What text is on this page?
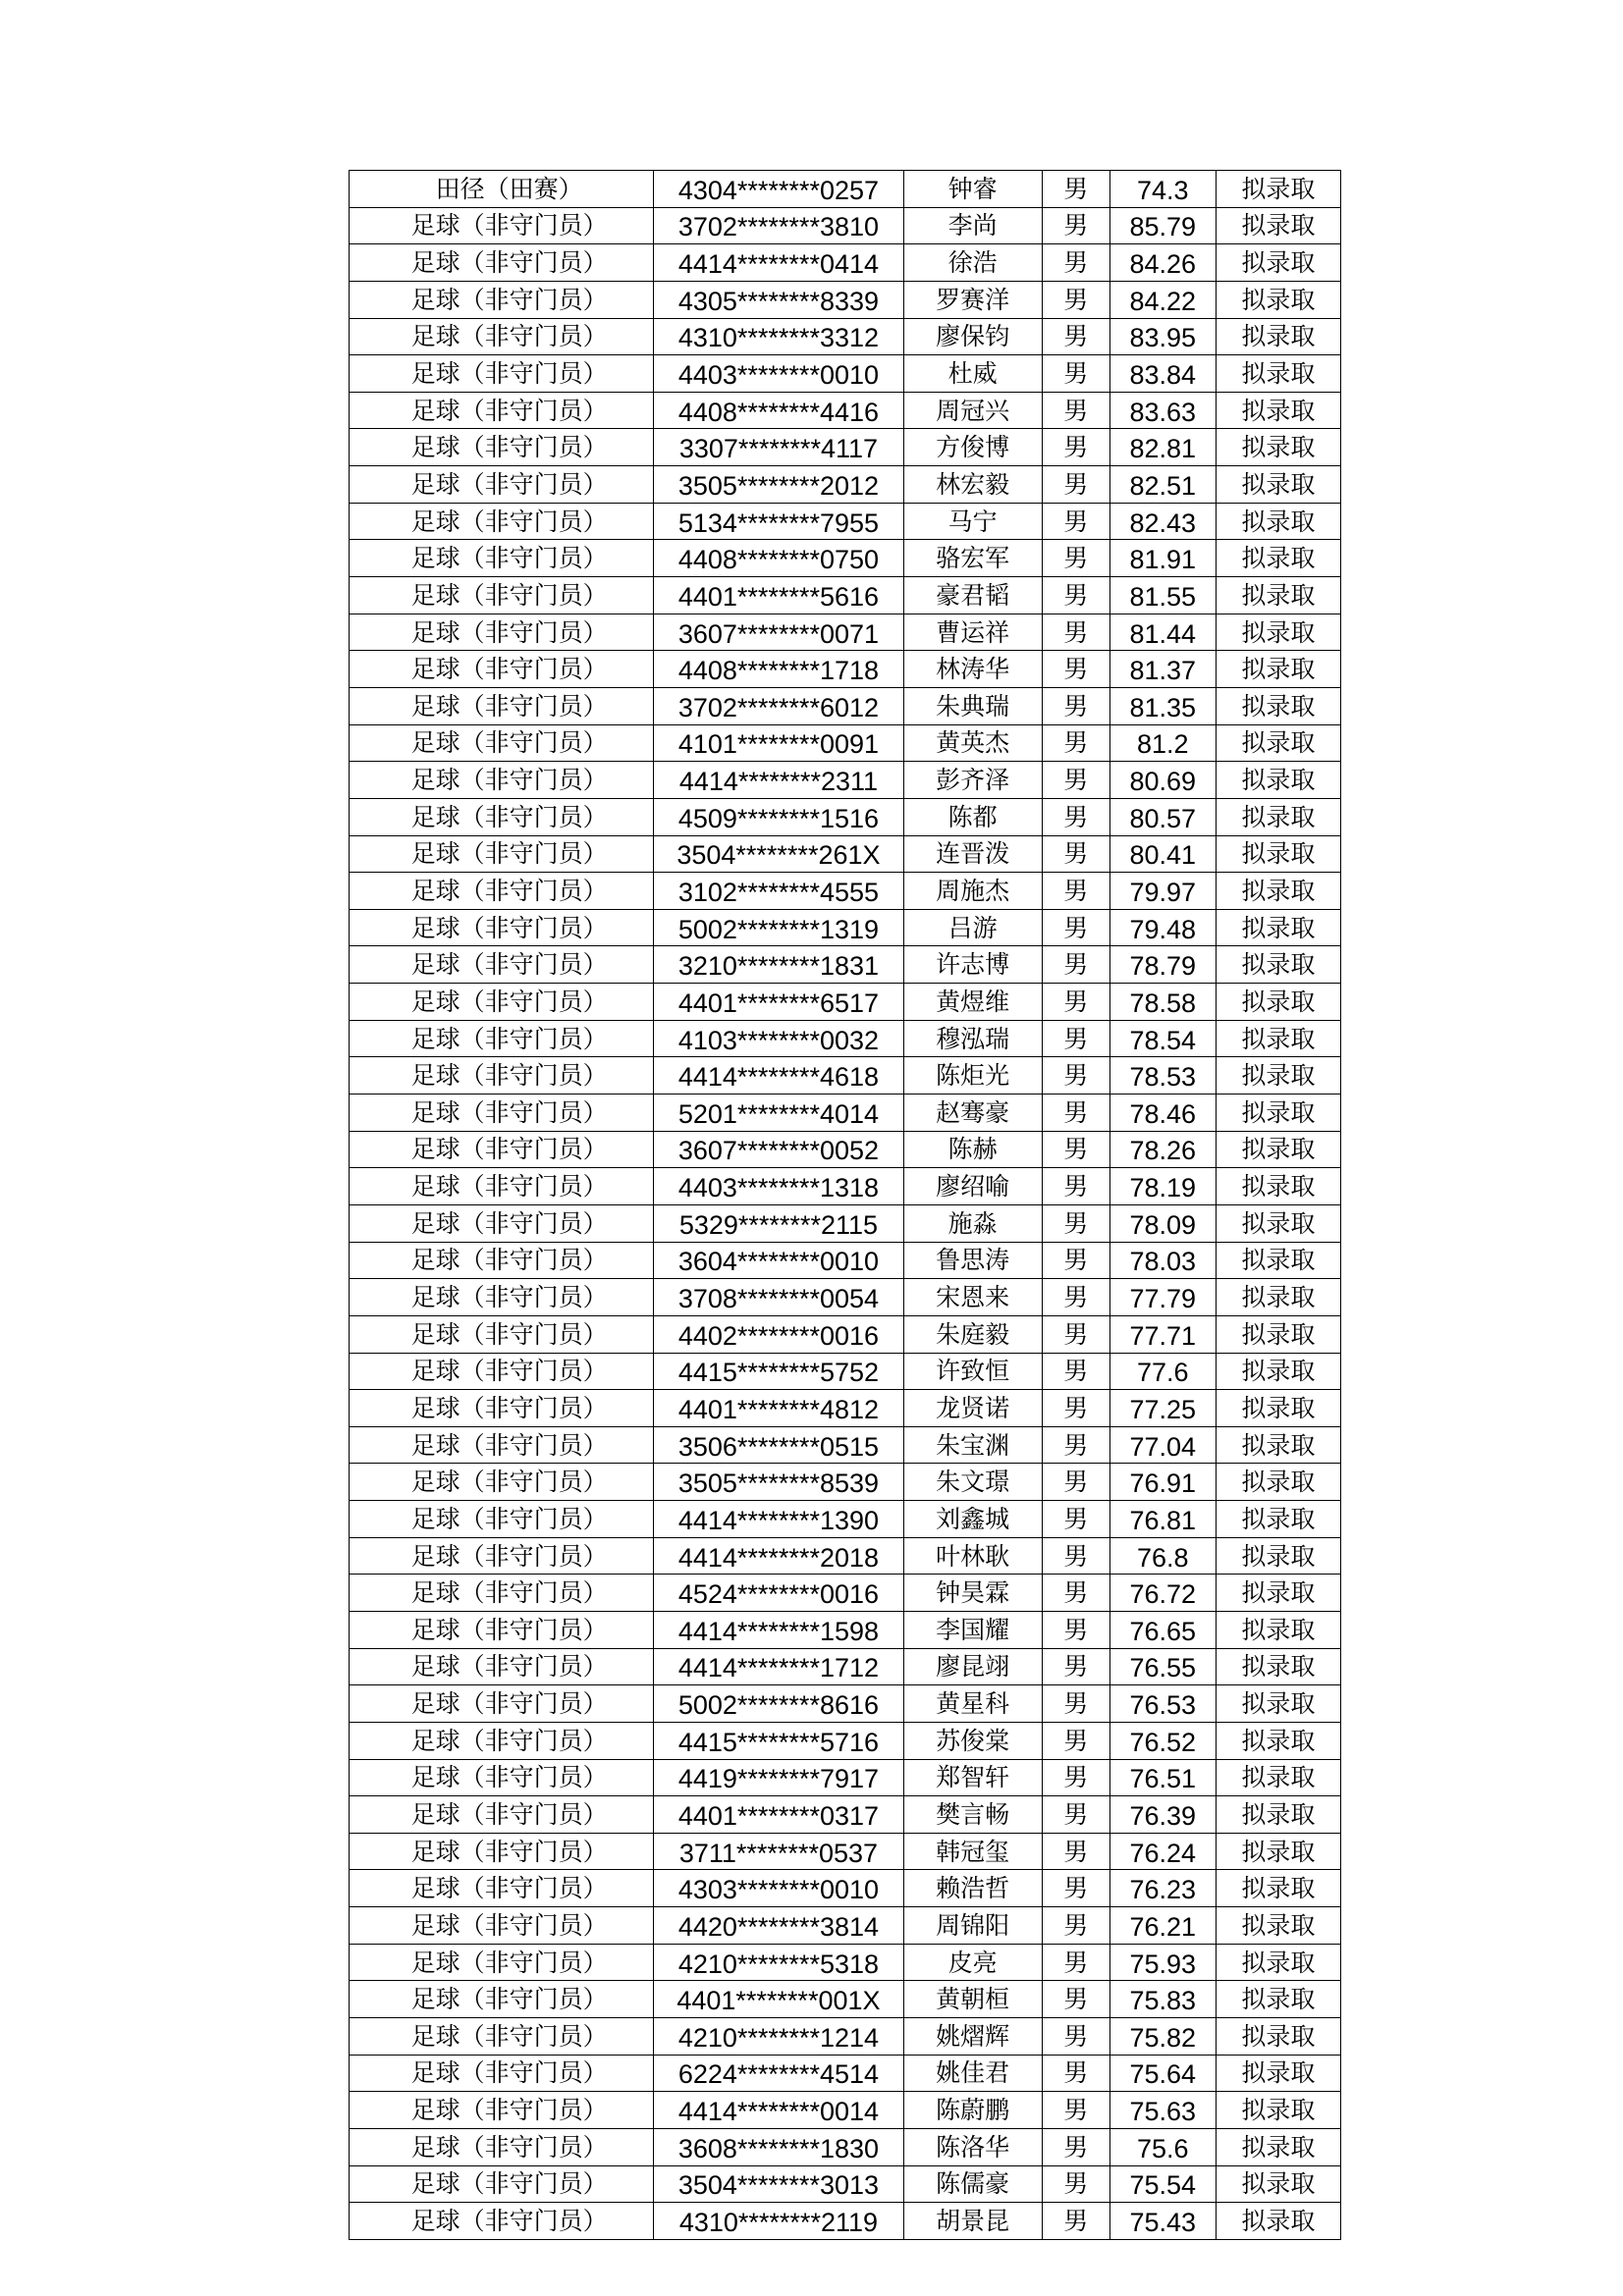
田径（田赛）	4304********0257	钟睿	男	74.3	拟录取
足球（非守门员）	3702********3810	李尚	男	85.79	拟录取
足球（非守门员）	4414********0414	徐浩	男	84.26	拟录取
足球（非守门员）	4305********8339	罗赛洋	男	84.22	拟录取
足球（非守门员）	4310********3312	廖保钧	男	83.95	拟录取
足球（非守门员）	4403********0010	杜威	男	83.84	拟录取
足球（非守门员）	4408********4416	周冠兴	男	83.63	拟录取
足球（非守门员）	3307********4117	方俊博	男	82.81	拟录取
足球（非守门员）	3505********2012	林宏毅	男	82.51	拟录取
足球（非守门员）	5134********7955	马宁	男	82.43	拟录取
足球（非守门员）	4408********0750	骆宏军	男	81.91	拟录取
足球（非守门员）	4401********5616	豪君韬	男	81.55	拟录取
足球（非守门员）	3607********0071	曹运祥	男	81.44	拟录取
足球（非守门员）	4408********1718	林涛华	男	81.37	拟录取
足球（非守门员）	3702********6012	朱典瑞	男	81.35	拟录取
足球（非守门员）	4101********0091	黄英杰	男	81.2	拟录取
足球（非守门员）	4414********2311	彭齐泽	男	80.69	拟录取
足球（非守门员）	4509********1516	陈都	男	80.57	拟录取
足球（非守门员）	3504********261X	连晋泼	男	80.41	拟录取
足球（非守门员）	3102********4555	周施杰	男	79.97	拟录取
足球（非守门员）	5002********1319	吕游	男	79.48	拟录取
足球（非守门员）	3210********1831	许志博	男	78.79	拟录取
足球（非守门员）	4401********6517	黄煜维	男	78.58	拟录取
足球（非守门员）	4103********0032	穆泓瑞	男	78.54	拟录取
足球（非守门员）	4414********4618	陈炬光	男	78.53	拟录取
足球（非守门员）	5201********4014	赵骞豪	男	78.46	拟录取
足球（非守门员）	3607********0052	陈赫	男	78.26	拟录取
足球（非守门员）	4403********1318	廖绍喻	男	78.19	拟录取
足球（非守门员）	5329********2115	施淼	男	78.09	拟录取
足球（非守门员）	3604********0010	鲁思涛	男	78.03	拟录取
足球（非守门员）	3708********0054	宋恩来	男	77.79	拟录取
足球（非守门员）	4402********0016	朱庭毅	男	77.71	拟录取
足球（非守门员）	4415********5752	许致恒	男	77.6	拟录取
足球（非守门员）	4401********4812	龙贤诺	男	77.25	拟录取
足球（非守门员）	3506********0515	朱宝渊	男	77.04	拟录取
足球（非守门员）	3505********8539	朱文璟	男	76.91	拟录取
足球（非守门员）	4414********1390	刘鑫城	男	76.81	拟录取
足球（非守门员）	4414********2018	叶林耿	男	76.8	拟录取
足球（非守门员）	4524********0016	钟昊霖	男	76.72	拟录取
足球（非守门员）	4414********1598	李国耀	男	76.65	拟录取
足球（非守门员）	4414********1712	廖昆翊	男	76.55	拟录取
足球（非守门员）	5002********8616	黄星科	男	76.53	拟录取
足球（非守门员）	4415********5716	苏俊棠	男	76.52	拟录取
足球（非守门员）	4419********7917	郑智轩	男	76.51	拟录取
足球（非守门员）	4401********0317	樊言畅	男	76.39	拟录取
足球（非守门员）	3711********0537	韩冠玺	男	76.24	拟录取
足球（非守门员）	4303********0010	赖浩哲	男	76.23	拟录取
足球（非守门员）	4420********3814	周锦阳	男	76.21	拟录取
足球（非守门员）	4210********5318	皮亮	男	75.93	拟录取
足球（非守门员）	4401********001X	黄朝桓	男	75.83	拟录取
足球（非守门员）	4210********1214	姚熠辉	男	75.82	拟录取
足球（非守门员）	6224********4514	姚佳君	男	75.64	拟录取
足球（非守门员）	4414********0014	陈蔚鹏	男	75.63	拟录取
足球（非守门员）	3608********1830	陈洛华	男	75.6	拟录取
足球（非守门员）	3504********3013	陈儒豪	男	75.54	拟录取
足球（非守门员）	4310********2119	胡景昆	男	75.43	拟录取
